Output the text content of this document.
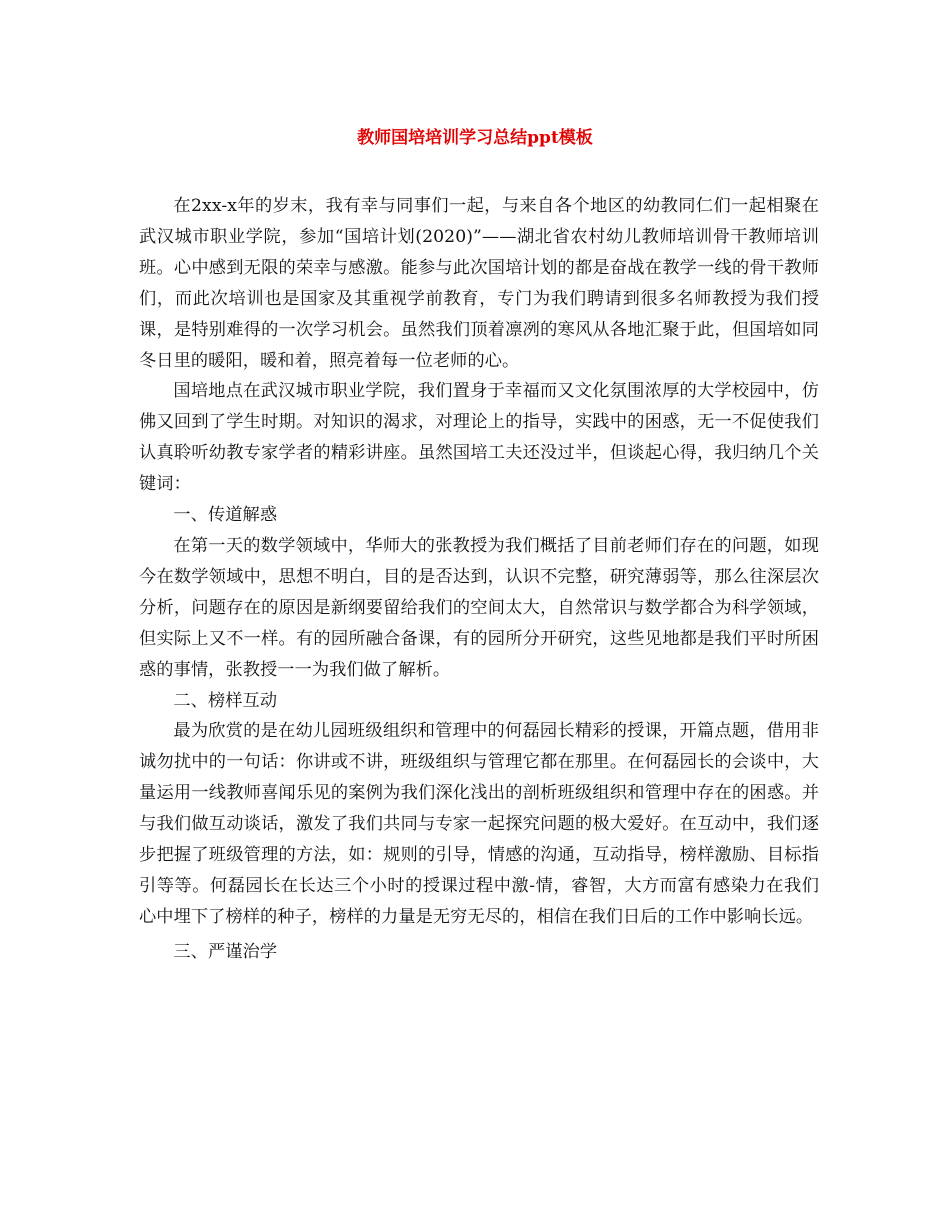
教师国培培训学习总结ppt模板

在2xx-x年的岁末，我有幸与同事们一起，与来自各个地区的幼教同仁们一起相聚在武汉城市职业学院，参加“国培计划(2020)”——湖北省农村幼儿教师培训骨干教师培训班。心中感到无限的荣幸与感激。能参与此次国培计划的都是奋战在教学一线的骨干教师们，而此次培训也是国家及其重视学前教育，专门为我们聘请到很多名师教授为我们授课，是特别难得的一次学习机会。虽然我们顶着凛冽的寒风从各地汇聚于此，但国培如同冬日里的暖阳，暖和着，照亮着每一位老师的心。

国培地点在武汉城市职业学院，我们置身于幸福而又文化氛围浓厚的大学校园中，仿佛又回到了学生时期。对知识的渴求，对理论上的指导，实践中的困惑，无一不促使我们认真聆听幼教专家学者的精彩讲座。虽然国培工夫还没过半，但谈起心得，我归纳几个关键词：

一、传道解惑

在第一天的数学领域中，华师大的张教授为我们概括了目前老师们存在的问题，如现今在数学领域中，思想不明白，目的是否达到，认识不完整，研究薄弱等，那么往深层次分析，问题存在的原因是新纲要留给我们的空间太大，自然常识与数学都合为科学领域，但实际上又不一样。有的园所融合备课，有的园所分开研究，这些见地都是我们平时所困惑的事情，张教授一一为我们做了解析。

二、榜样互动

最为欣赏的是在幼儿园班级组织和管理中的何磊园长精彩的授课，开篇点题，借用非诚勿扰中的一句话：你讲或不讲，班级组织与管理它都在那里。在何磊园长的会谈中，大量运用一线教师喜闻乐见的案例为我们深化浅出的剖析班级组织和管理中存在的困惑。并与我们做互动谈话，激发了我们共同与专家一起探究问题的极大爱好。在互动中，我们逐步把握了班级管理的方法，如：规则的引导，情感的沟通，互动指导，榜样激励、目标指引等等。何磊园长在长达三个小时的授课过程中激-情，睿智，大方而富有感染力在我们心中埋下了榜样的种子，榜样的力量是无穷无尽的，相信在我们日后的工作中影响长远。

三、严谨治学
